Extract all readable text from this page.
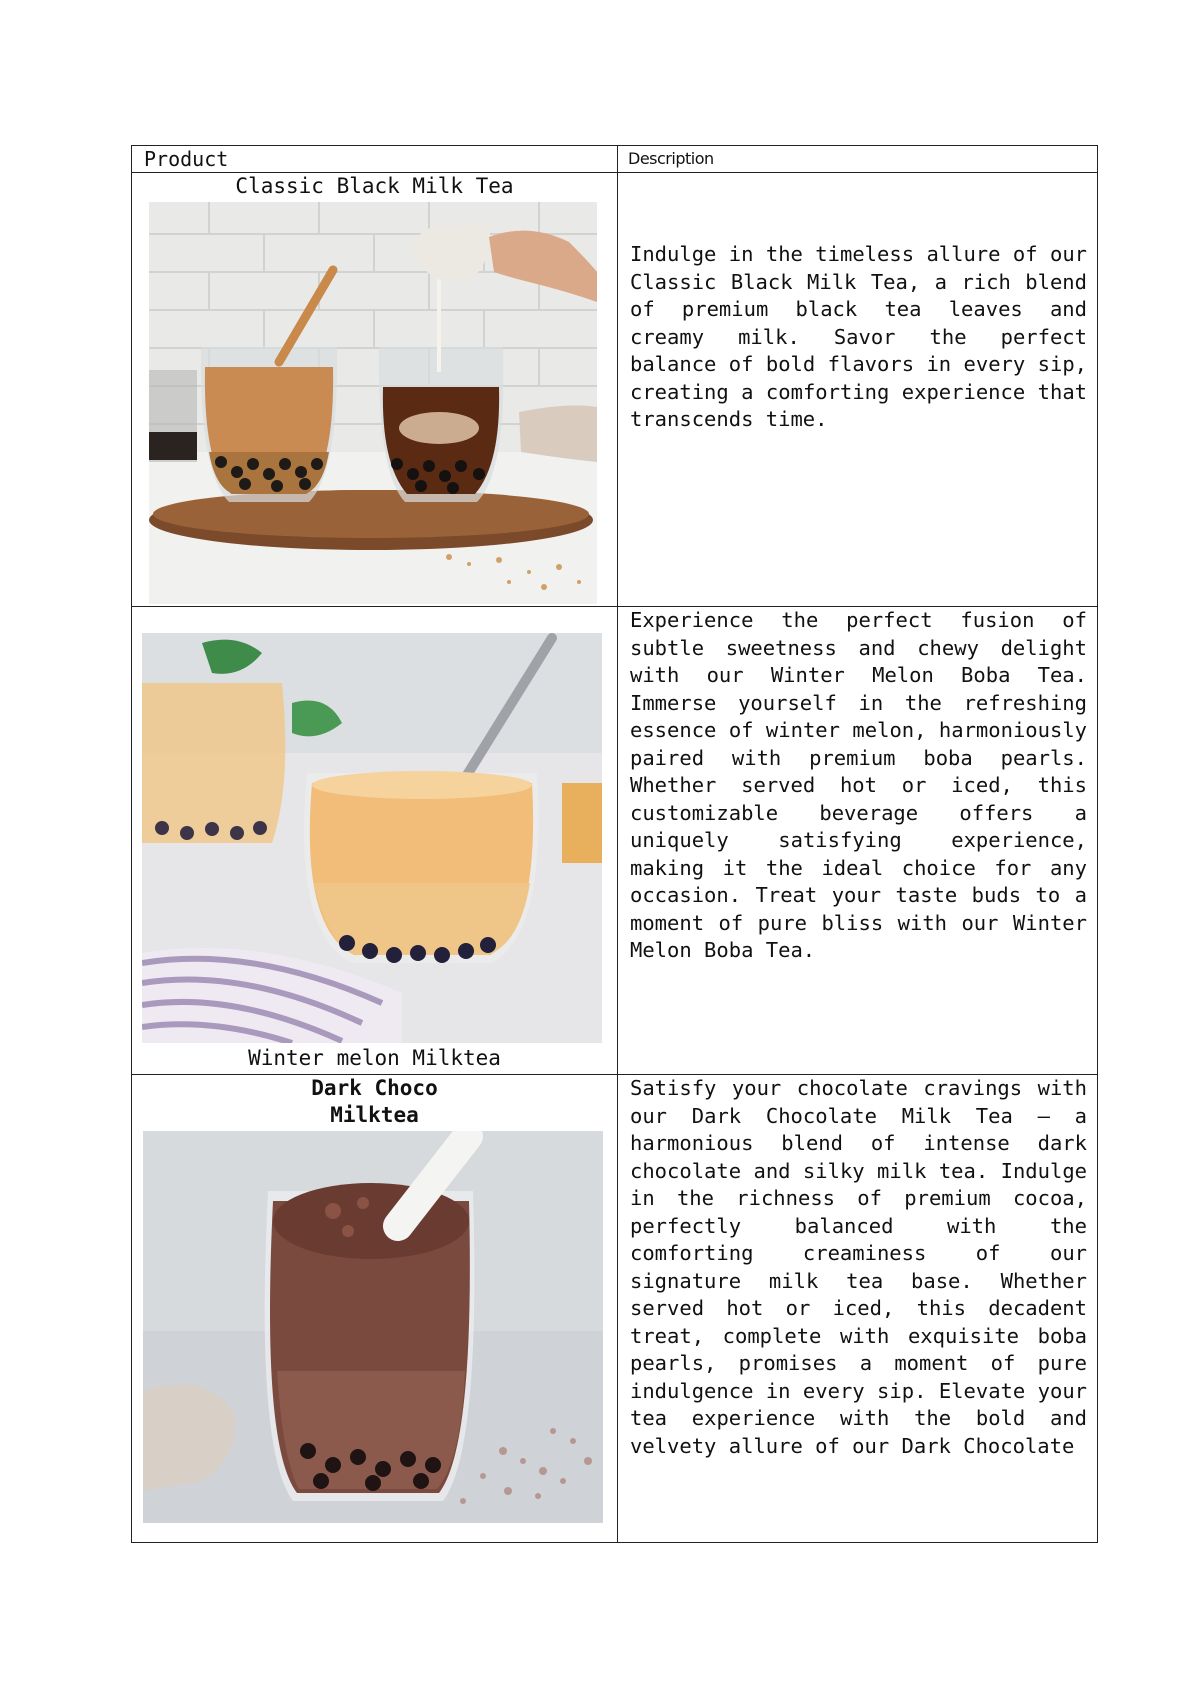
Product	Description

Classic Black Milk Tea	Indulge in the timeless allure of our Classic Black Milk Tea, a rich blend of premium black tea leaves and creamy milk. Savor the perfect balance of bold flavors in every sip, creating a comforting experience that transcends time.

Winter melon Milktea	Experience the perfect fusion of subtle sweetness and chewy delight with our Winter Melon Boba Tea. Immerse yourself in the refreshing essence of winter melon, harmoniously paired with premium boba pearls. Whether served hot or iced, this customizable beverage offers a uniquely satisfying experience, making it the ideal choice for any occasion. Treat your taste buds to a moment of pure bliss with our Winter Melon Boba Tea.

Dark Choco
Milktea	Satisfy your chocolate cravings with our Dark Chocolate Milk Tea – a harmonious blend of intense dark chocolate and silky milk tea. Indulge in the richness of premium cocoa, perfectly balanced with the comforting creaminess of our signature milk tea base. Whether served hot or iced, this decadent treat, complete with exquisite boba pearls, promises a moment of pure indulgence in every sip. Elevate your tea experience with the bold and velvety allure of our Dark Chocolate
